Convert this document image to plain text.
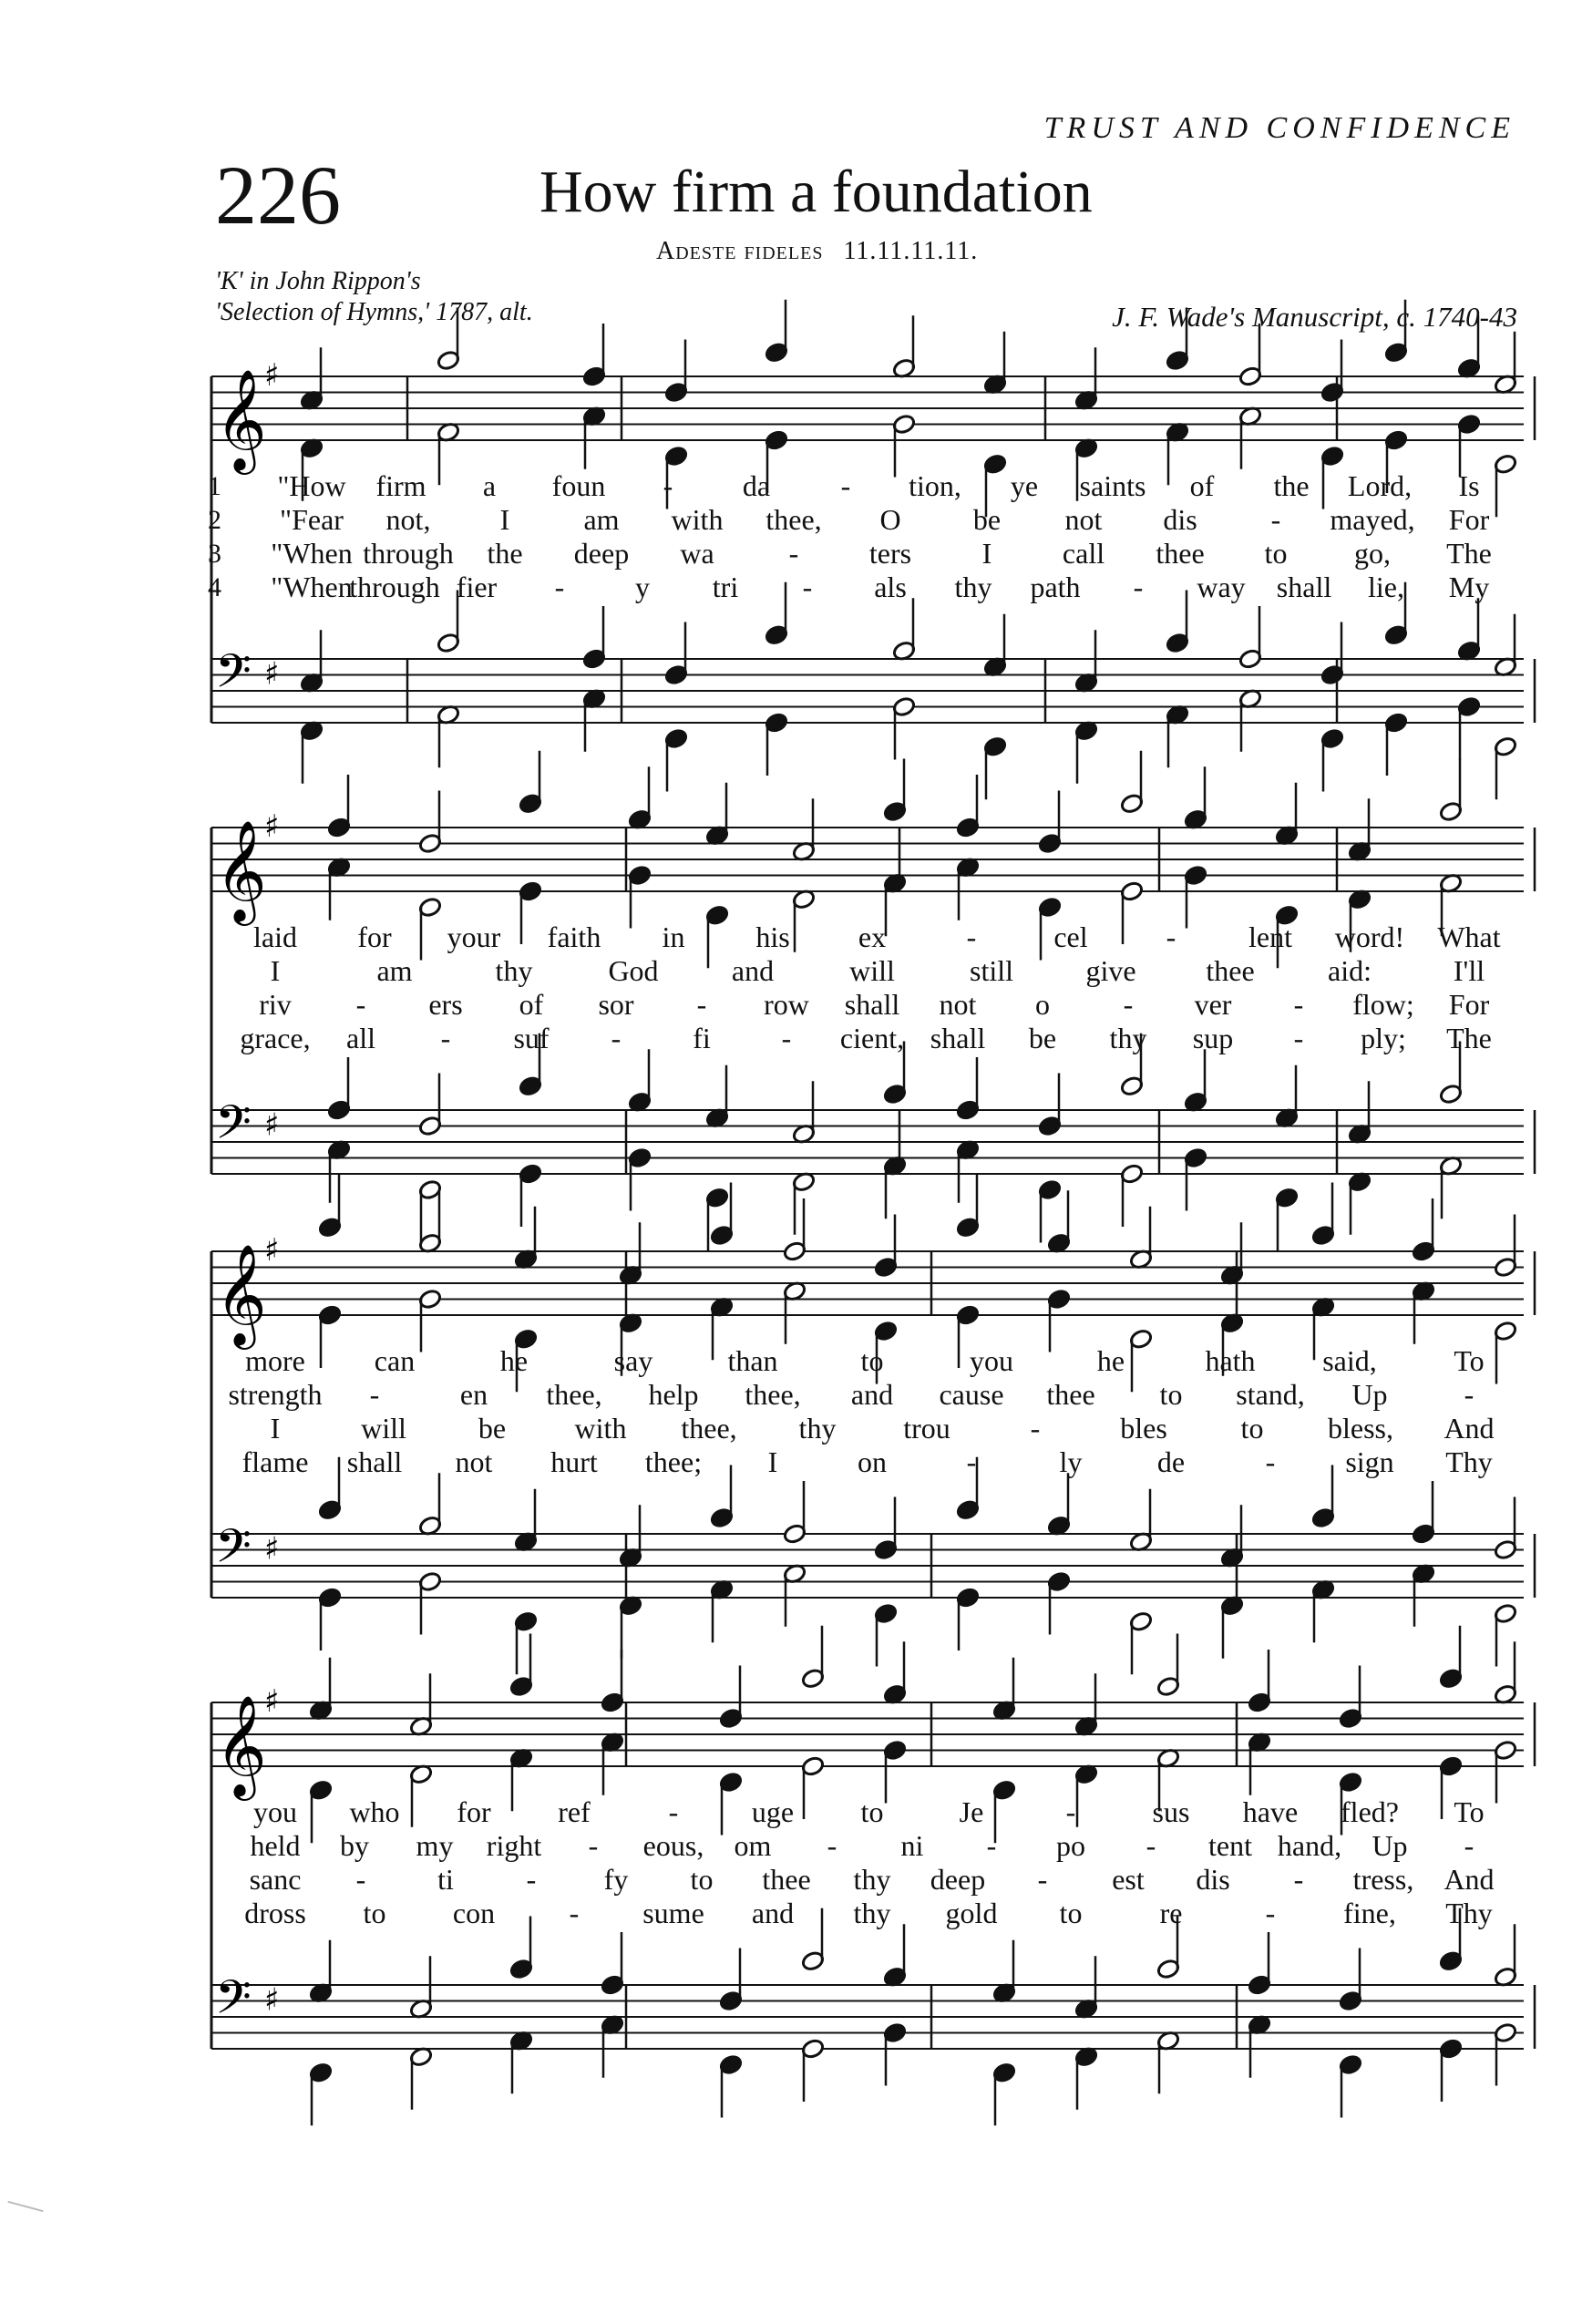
TRUST AND CONFIDENCE
226	How firm a foundation
Adeste fideles 11.11.11.11.
'K' in John Rippon's
'Selection of Hymns,' 1787, alt.	J. F. Wade's Manuscript, c. 1740-43
𝄞
♯
𝄢 ♯
1 "How firm a foun - da - tion, ye saints of the Lord, Is
2 "Fear not, I	am with thee, O be not dis	- mayed, For
3 "When through the deep wa	- ters I call thee to go, The
4 "When
through fier - y tri - als thy path - way shall lie, My
𝄞
♯
𝄢 ♯
laid for your faith in his ex	-	cel	- lent word! What
I	am	thy	God	and	will	still give thee	aid:	I'll
riv - ers of sor - row shall not o	- ver - flow; For
grace, all - suf - fi - cient, shall be thy sup - ply; The
𝄞
♯
𝄢 ♯
more can	he	say	than	to	you	he	hath said,	To
strength -	en thee, help thee, and cause thee to stand, Up	-
I	will be with thee, thy trou	-	bles	to bless, And
flame shall not hurt thee; I	on	-	ly	de	- sign Thy
𝄞
♯
𝄢 ♯
you who for ref	-	uge to	Je	-	sus have fled? To
held by my right - eous, om - ni - po - tent hand, Up -
sanc - ti - fy to thee thy deep - est dis - tress, And
dross to con	- sume and thy gold to	re	- fine, Thy
